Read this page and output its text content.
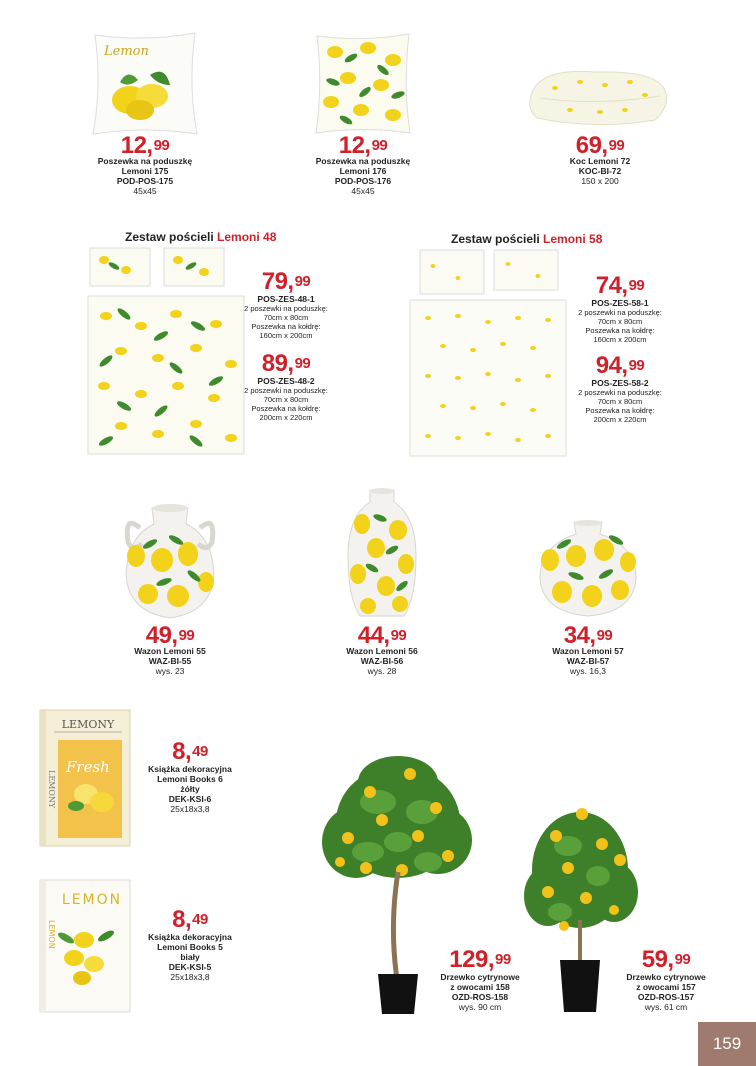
Lemon
12,99
Poszewka na poduszkę
Lemoni 175
POD-POS-175
45x45
12,99
Poszewka na poduszkę
Lemoni 176
POD-POS-176
45x45
69,99
Koc Lemoni 72
KOC-BI-72
150 x 200
Zestaw pościeli Lemoni 48
79,99
POS-ZES-48-1
2 poszewki na poduszkę:
70cm x 80cm
Poszewka na kołdrę:
160cm x 200cm
89,99
POS-ZES-48-2
2 poszewki na poduszkę:
70cm x 80cm
Poszewka na kołdrę:
200cm x 220cm
Zestaw pościeli Lemoni 58
74,99
POS-ZES-58-1
2 poszewki na poduszkę:
70cm x 80cm
Poszewka na kołdrę:
160cm x 200cm
94,99
POS-ZES-58-2
2 poszewki na poduszkę:
70cm x 80cm
Poszewka na kołdrę:
200cm x 220cm
49,99
Wazon Lemoni 55
WAZ-BI-55
wys. 23
44,99
Wazon Lemoni 56
WAZ-BI-56
wys. 28
34,99
Wazon Lemoni 57
WAZ-BI-57
wys. 16,3
LEMONY
Fresh
LEMONY
8,49
Książka dekoracyjna
Lemoni Books 6
żółty
DEK-KSI-6
25x18x3,8
LEMON
LEMON
8,49
Książka dekoracyjna
Lemoni Books 5
biały
DEK-KSI-5
25x18x3,8
129,99
Drzewko cytrynowe
z owocami 158
OZD-ROS-158
wys. 90 cm
59,99
Drzewko cytrynowe
z owocami 157
OZD-ROS-157
wys. 61 cm
159
